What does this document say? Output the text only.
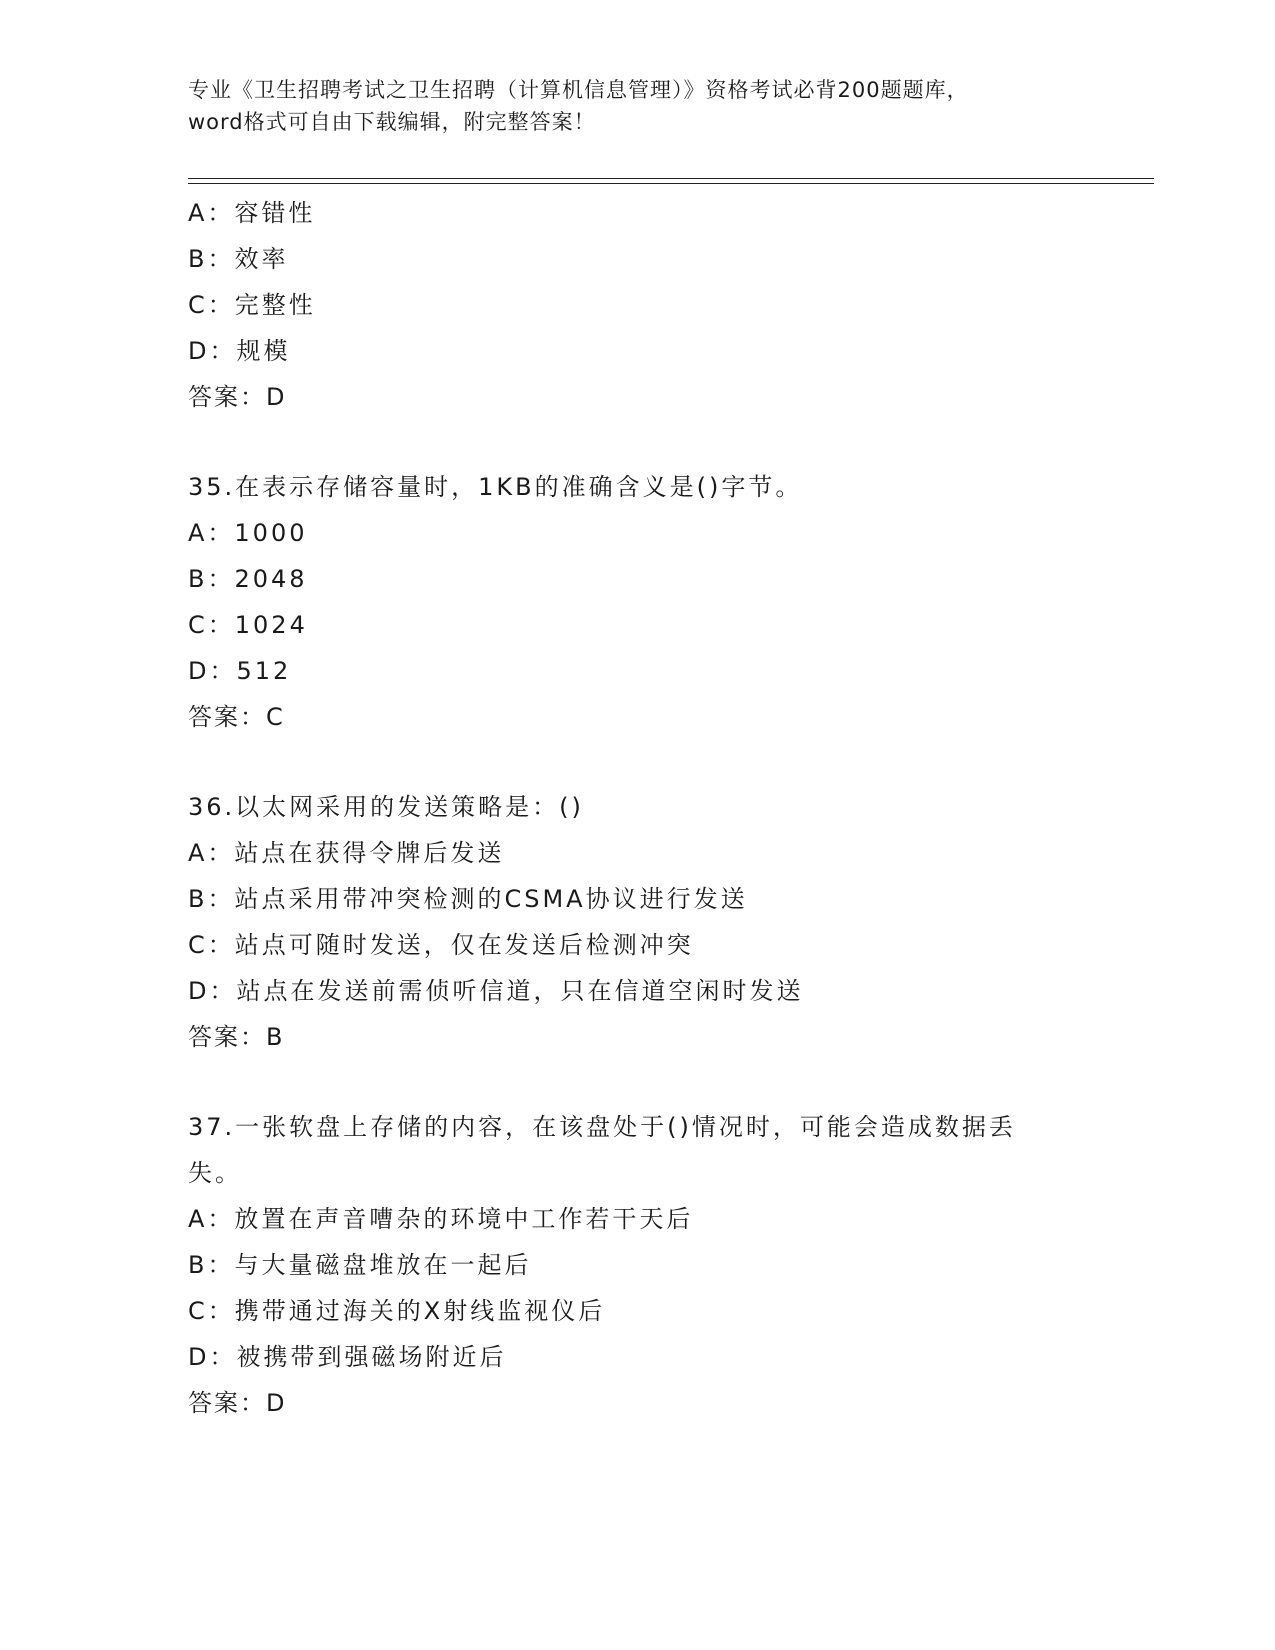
专业《卫生招聘考试之卫生招聘（计算机信息管理）》资格考试必背200题题库，
word格式可自由下载编辑，附完整答案！
A：容错性
B：效率
C：完整性
D：规模
答案：D
35.在表示存储容量时，1KB的准确含义是()字节。
A：1000
B：2048
C：1024
D：512
答案：C
36.以太网采用的发送策略是：()
A：站点在获得令牌后发送
B：站点采用带冲突检测的CSMA协议进行发送
C：站点可随时发送，仅在发送后检测冲突
D：站点在发送前需侦听信道，只在信道空闲时发送
答案：B
37.一张软盘上存储的内容，在该盘处于()情况时，可能会造成数据丢
失。
A：放置在声音嘈杂的环境中工作若干天后
B：与大量磁盘堆放在一起后
C：携带通过海关的X射线监视仪后
D：被携带到强磁场附近后
答案：D
